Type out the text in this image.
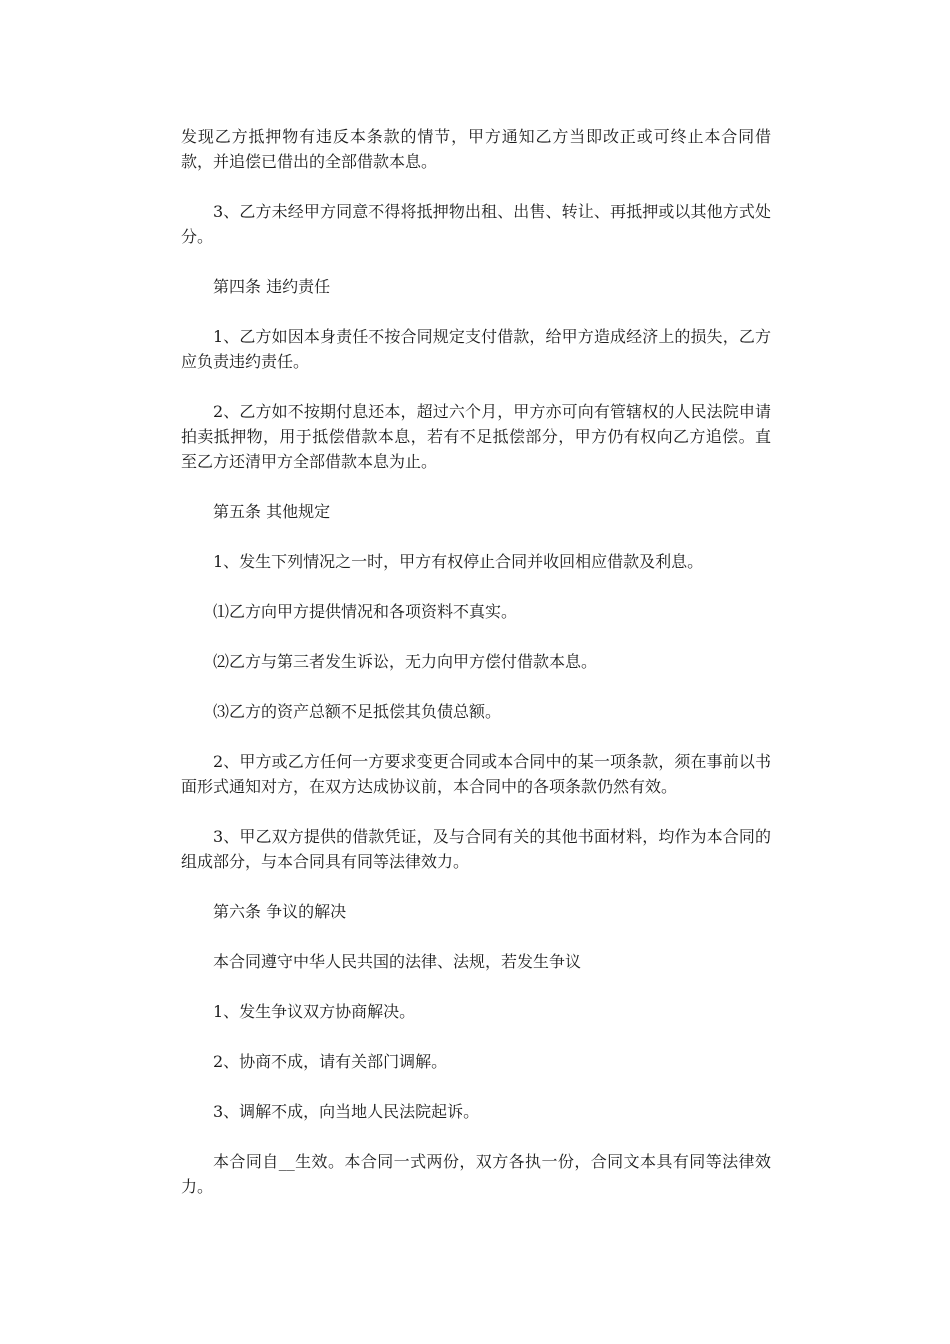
发现乙方抵押物有违反本条款的情节，甲方通知乙方当即改正或可终止本合同借款，并追偿已借出的全部借款本息。

3、乙方未经甲方同意不得将抵押物出租、出售、转让、再抵押或以其他方式处分。

第四条 违约责任

1、乙方如因本身责任不按合同规定支付借款，给甲方造成经济上的损失，乙方应负责违约责任。

2、乙方如不按期付息还本，超过六个月，甲方亦可向有管辖权的人民法院申请拍卖抵押物，用于抵偿借款本息，若有不足抵偿部分，甲方仍有权向乙方追偿。直至乙方还清甲方全部借款本息为止。

第五条 其他规定

1、发生下列情况之一时，甲方有权停止合同并收回相应借款及利息。

⑴乙方向甲方提供情况和各项资料不真实。

⑵乙方与第三者发生诉讼，无力向甲方偿付借款本息。

⑶乙方的资产总额不足抵偿其负债总额。

2、甲方或乙方任何一方要求变更合同或本合同中的某一项条款，须在事前以书面形式通知对方，在双方达成协议前，本合同中的各项条款仍然有效。

3、甲乙双方提供的借款凭证，及与合同有关的其他书面材料，均作为本合同的组成部分，与本合同具有同等法律效力。

第六条 争议的解决

本合同遵守中华人民共国的法律、法规，若发生争议

1、发生争议双方协商解决。

2、协商不成，请有关部门调解。

3、调解不成，向当地人民法院起诉。

本合同自__生效。本合同一式两份，双方各执一份，合同文本具有同等法律效力。
